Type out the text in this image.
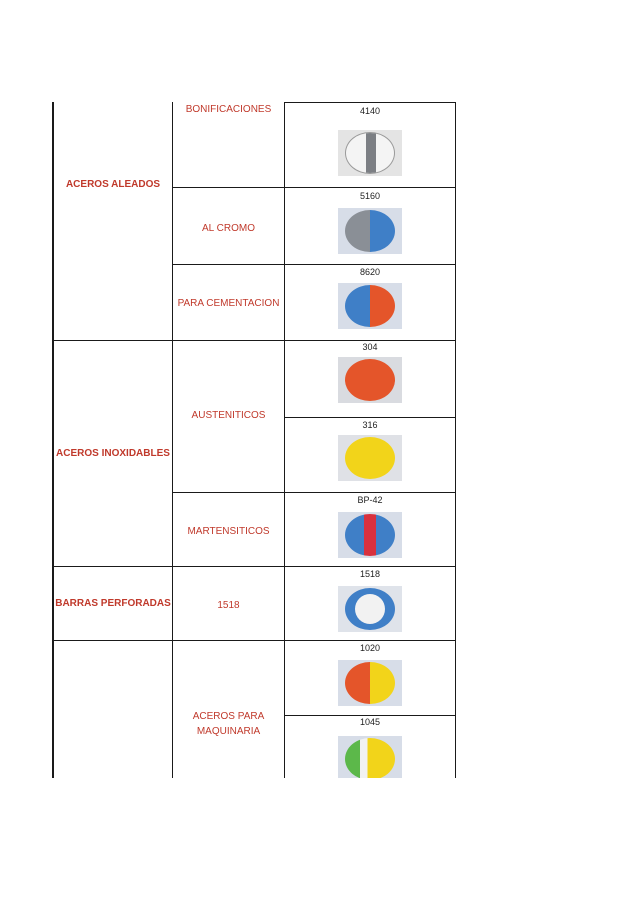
ACEROS ALEADOS
ACEROS INOXIDABLES
BARRAS PERFORADAS
BONIFICACIONES
AL CROMO
PARA CEMENTACION
AUSTENITICOS
MARTENSITICOS
1518
ACEROS PARA
MAQUINARIA
4140
5160
8620
304
316
BP-42
1518
1020
1045
